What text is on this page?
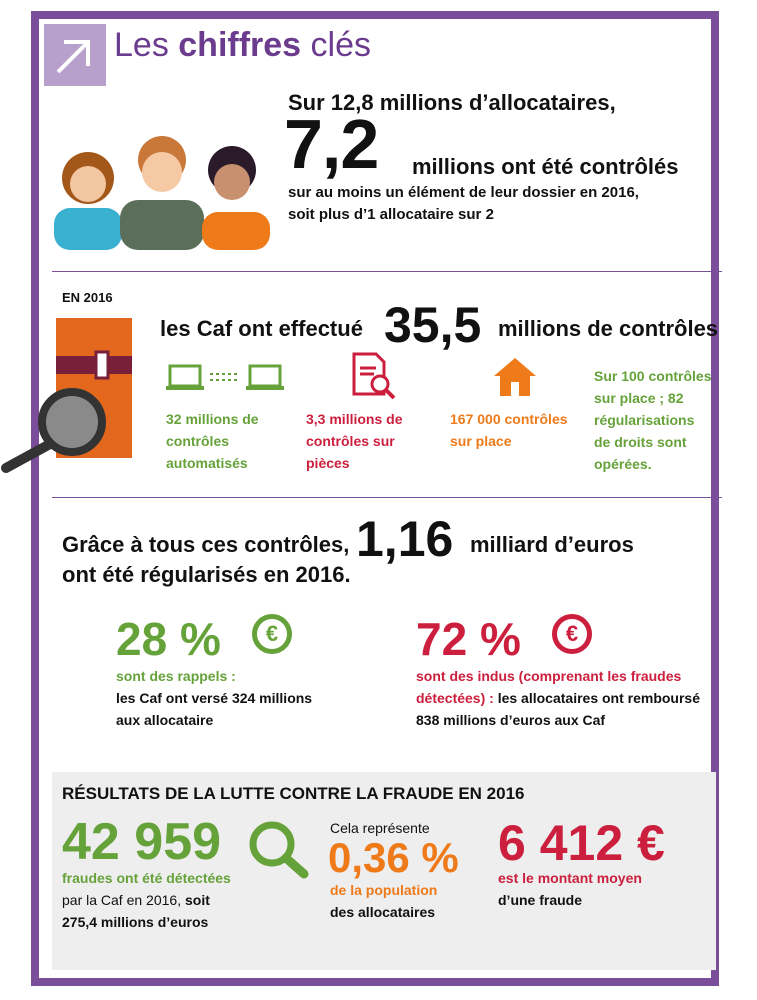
Les chiffres clés
Sur 12,8 millions d’allocataires,
7,2 millions ont été contrôlés
sur au moins un élément de leur dossier en 2016,
soit plus d’1 allocataire sur 2
EN 2016
les Caf ont effectué 35,5 millions de contrôles
32 millions de contrôles automatisés
3,3 millions de contrôles sur pièces
167 000 contrôles sur place
Sur 100 contrôles sur place ; 82 régularisations de droits sont opérées.
Grâce à tous ces contrôles, 1,16 milliard d’euros
ont été régularisés en 2016.
28 % €
sont des rappels :
les Caf ont versé 324 millions
aux allocataire
72 % €
sont des indus (comprenant les fraudes
détectées) : les allocataires ont remboursé
838 millions d’euros aux Caf
RÉSULTATS DE LA LUTTE CONTRE LA FRAUDE EN 2016
42 959
fraudes ont été détectées
par la Caf en 2016, soit
275,4 millions d’euros
Cela représente
0,36 %
de la population
des allocataires
6 412 €
est le montant moyen
d’une fraude
